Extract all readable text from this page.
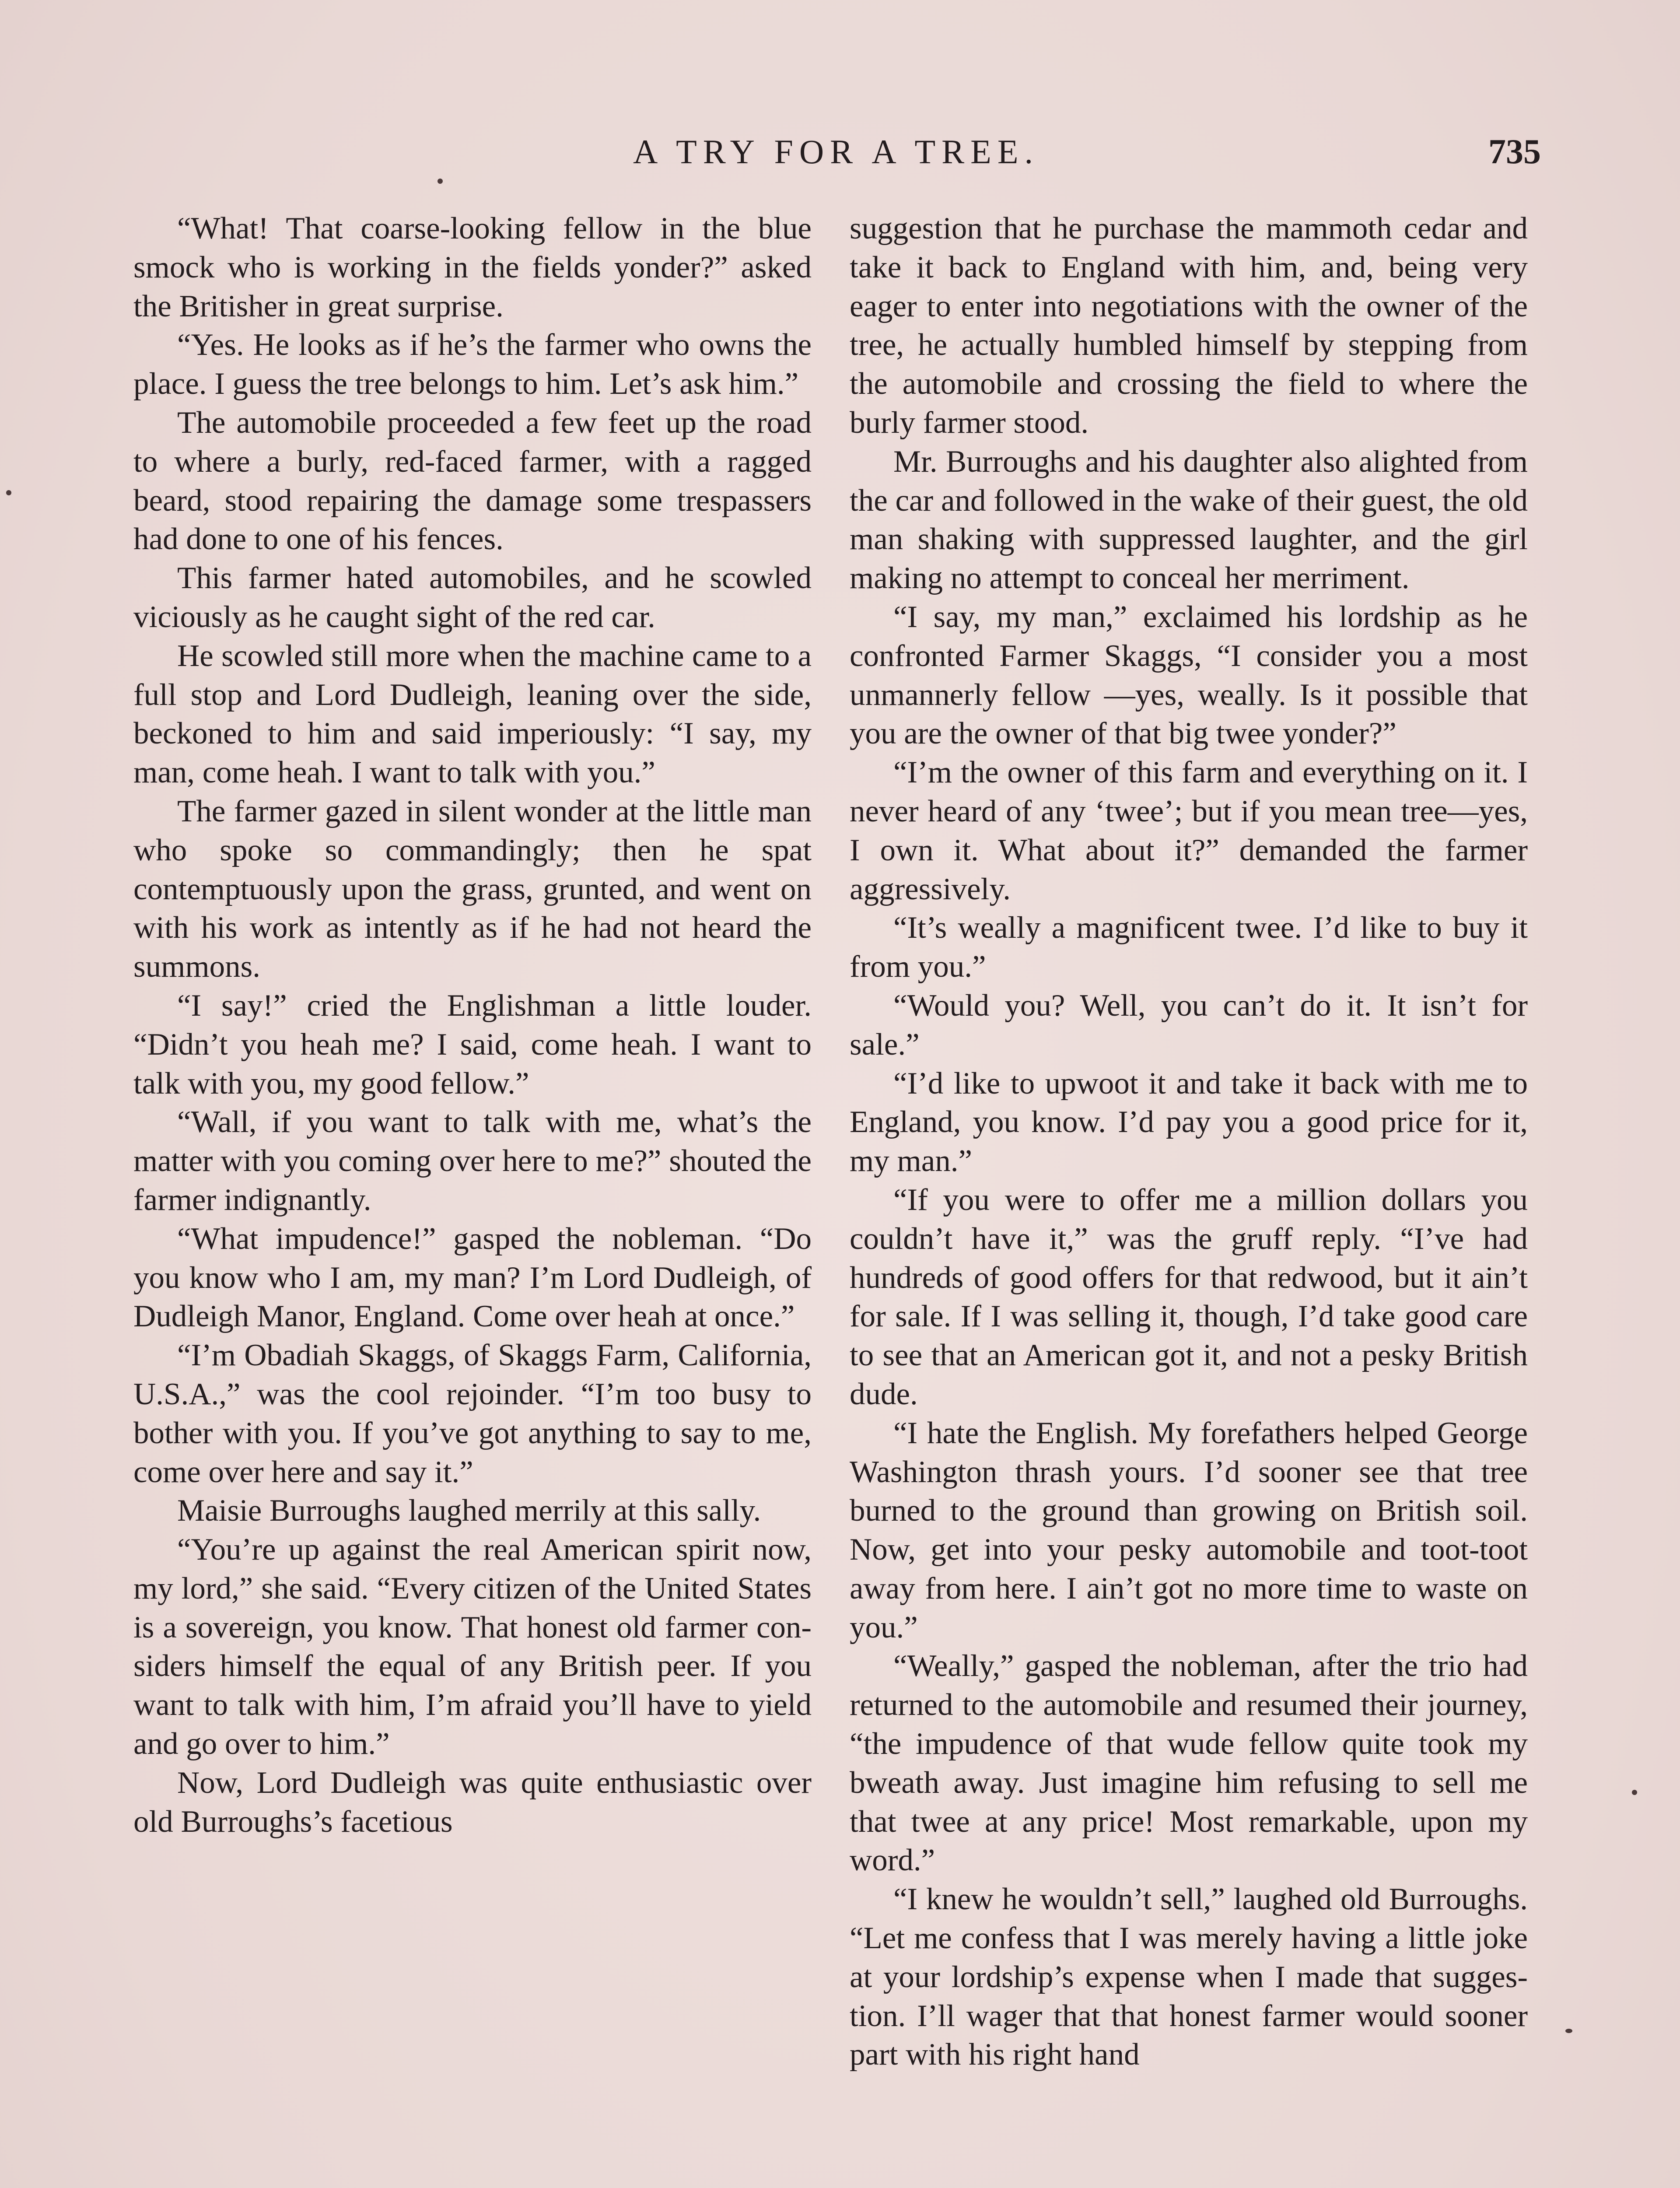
A TRY FOR A TREE.	735

“What! That coarse-looking fellow in the blue smock who is working in the fields yonder?” asked the Britisher in great surprise.

“Yes. He looks as if he’s the farmer who owns the place. I guess the tree belongs to him. Let’s ask him.”

The automobile proceeded a few feet up the road to where a burly, red-faced farmer, with a ragged beard, stood repairing the damage some trespassers had done to one of his fences.

This farmer hated automobiles, and he scowled viciously as he caught sight of the red car.

He scowled still more when the machine came to a full stop and Lord Dudleigh, leaning over the side, beckoned to him and said imperiously: “I say, my man, come heah. I want to talk with you.”

The farmer gazed in silent wonder at the little man who spoke so commandingly; then he spat contemptuously upon the grass, grunted, and went on with his work as intently as if he had not heard the summons.

“I say!” cried the Englishman a little louder. “Didn’t you heah me? I said, come heah. I want to talk with you, my good fellow.”

“Wall, if you want to talk with me, what’s the matter with you coming over here to me?” shouted the farmer indignantly.

“What impudence!” gasped the nobleman. “Do you know who I am, my man? I’m Lord Dudleigh, of Dudleigh Manor, England. Come over heah at once.”

“I’m Obadiah Skaggs, of Skaggs Farm, California, U.S.A.,” was the cool rejoinder. “I’m too busy to bother with you. If you’ve got anything to say to me, come over here and say it.”

Maisie Burroughs laughed merrily at this sally.

“You’re up against the real American spirit now, my lord,” she said. “Every citizen of the United States is a sovereign, you know. That honest old farmer considers himself the equal of any British peer. If you want to talk with him, I’m afraid you’ll have to yield and go over to him.”

Now, Lord Dudleigh was quite enthusiastic over old Burroughs’s facetious

suggestion that he purchase the mammoth cedar and take it back to England with him, and, being very eager to enter into negotiations with the owner of the tree, he actually humbled himself by stepping from the automobile and crossing the field to where the burly farmer stood.

Mr. Burroughs and his daughter also alighted from the car and followed in the wake of their guest, the old man shaking with suppressed laughter, and the girl making no attempt to conceal her merriment.

“I say, my man,” exclaimed his lordship as he confronted Farmer Skaggs, “I consider you a most unmannerly fellow —yes, weally. Is it possible that you are the owner of that big twee yonder?”

“I’m the owner of this farm and everything on it. I never heard of any ‘twee’; but if you mean tree—yes, I own it. What about it?” demanded the farmer aggressively.

“It’s weally a magnificent twee. I’d like to buy it from you.”

“Would you? Well, you can’t do it. It isn’t for sale.”

“I’d like to upwoot it and take it back with me to England, you know. I’d pay you a good price for it, my man.”

“If you were to offer me a million dollars you couldn’t have it,” was the gruff reply. “I’ve had hundreds of good offers for that redwood, but it ain’t for sale. If I was selling it, though, I’d take good care to see that an American got it, and not a pesky British dude.

“I hate the English. My forefathers helped George Washington thrash yours. I’d sooner see that tree burned to the ground than growing on British soil. Now, get into your pesky automobile and toot-toot away from here. I ain’t got no more time to waste on you.”

“Weally,” gasped the nobleman, after the trio had returned to the automobile and resumed their journey, “the impudence of that wude fellow quite took my bweath away. Just imagine him refusing to sell me that twee at any price! Most remarkable, upon my word.”

“I knew he wouldn’t sell,” laughed old Burroughs. “Let me confess that I was merely having a little joke at your lordship’s expense when I made that suggestion. I’ll wager that that honest farmer would sooner part with his right hand
